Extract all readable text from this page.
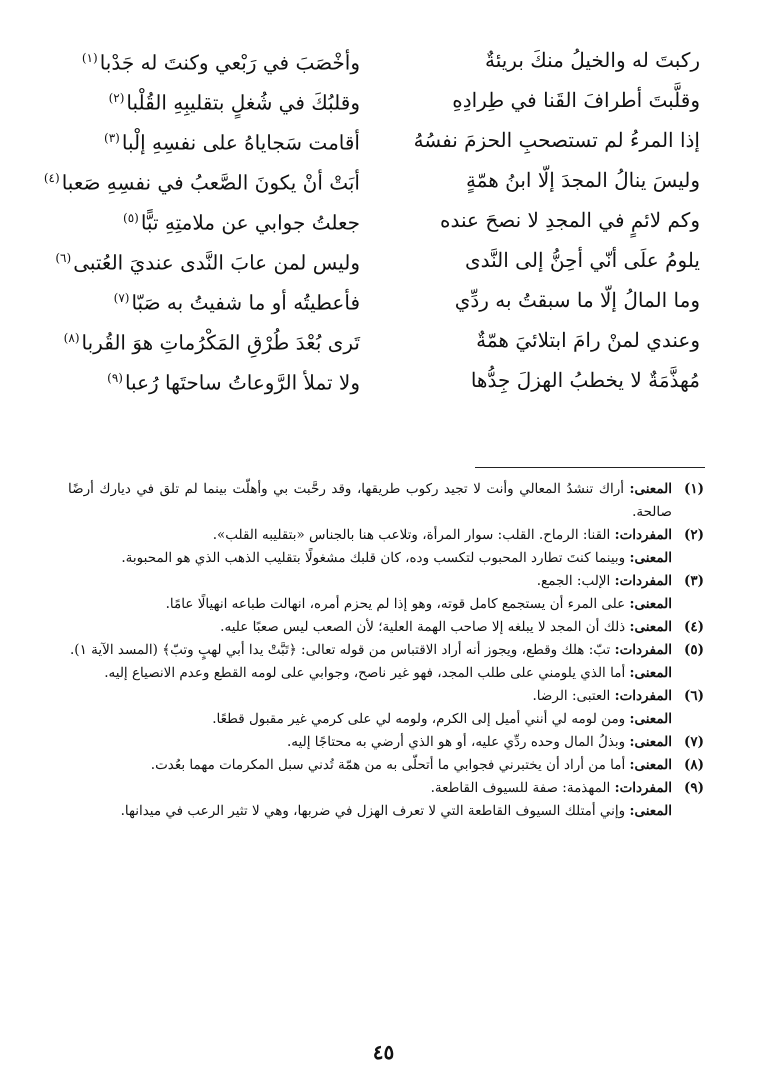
ركبتَ له والخيلُ منكَ بريئةٌ
وأخْصَبَ في رَبْعي وكنتَ له جَدْبا$^{(١)}$
وقلَّبتَ أطرافَ القَنا في طِرادِهِ
وقلبُكَ في شُغلٍ بتقليبِهِ القُلْبا$^{(٢)}$
إذا المرءُ لم تستصحبِ الحزمَ نفسُهُ
أقامت سَجاياهُ على نفسِهِ إلْبا$^{(٣)}$
وليسَ ينالُ المجدَ إلّا ابنُ همّةٍ
أبَتْ أنْ يكونَ الصَّعبُ في نفسِهِ صَعبا$^{(٤)}$
وكم لائمٍ في المجدِ لا نصحَ عنده
جعلتُ جوابي عن ملامتِهِ تبًّا$^{(٥)}$
يلومُ علَى أنّي أحِنُّ إلى النَّدى
وليس لمن عابَ النَّدى عنديَ العُتبى$^{(٦)}$
وما المالُ إلّا ما سبقتُ به ردِّي
فأعطيتُه أو ما شفيتُ به صَبّا$^{(٧)}$
وعندي لمنْ رامَ ابتلائيَ همّةٌ
تَرى بُعْدَ طُرْقِ المَكْرُماتِ هوَ القُربا$^{(٨)}$
مُهذَّمَةٌ لا يخطبُ الهزلَ جِدُّها
ولا تملأ الرَّوعاتُ ساحتَها رُعبا$^{(٩)}$
(١)
المعنى: أراك تنشدُ المعالي وأنت لا تجيد ركوب طريقها، وقد رحَّبت بي وأهلّت بينما لم تلق في ديارك أرضًا صالحة.
(٢)
المفردات: القنا: الرماح. القلب: سوار المرأة، وتلاعب هنا بالجناس «بتقليبه القلب».
المعنى: وبينما كنتَ تطارد المحبوب لتكسب وده، كان قلبك مشغولًا بتقليب الذهب الذي هو المحبوبة.
(٣)
المفردات: الإلب: الجمع.
المعنى: على المرء أن يستجمع كامل قوته، وهو إذا لم يحزم أمره، انهالت طباعه انهيالًا عامًا.
(٤)
المعنى: ذلك أن المجد لا يبلغه إلا صاحب الهمة العلية؛ لأن الصعب ليس صعبًا عليه.
(٥)
المفردات: تبّ: هلك وقطع، ويجوز أنه أراد الاقتباس من قوله تعالى: ﴿تَبَّتْ يدا أبي لهبٍ وتبّ﴾ (المسد الآية ١).
المعنى: أما الذي يلومني على طلب المجد، فهو غير ناصح، وجوابي على لومه القطع وعدم الانصياع إليه.
(٦)
المفردات: العتبى: الرضا.
المعنى: ومن لومه لي أنني أميل إلى الكرم، ولومه لي على كرمي غير مقبول قطعًا.
(٧)
المعنى: وبذلُ المال وحده ردِّي عليه، أو هو الذي أرضي به محتاجًا إليه.
(٨)
المعنى: أما من أراد أن يختبرني فجوابي ما أتحلّى به من همّة تُدني سبل المكرمات مهما بعُدت.
(٩)
المفردات: المهذمة: صفة للسيوف القاطعة.
المعنى: وإني أمتلك السيوف القاطعة التي لا تعرف الهزل في ضربها، وهي لا تثير الرعب في ميدانها.
٤٥
